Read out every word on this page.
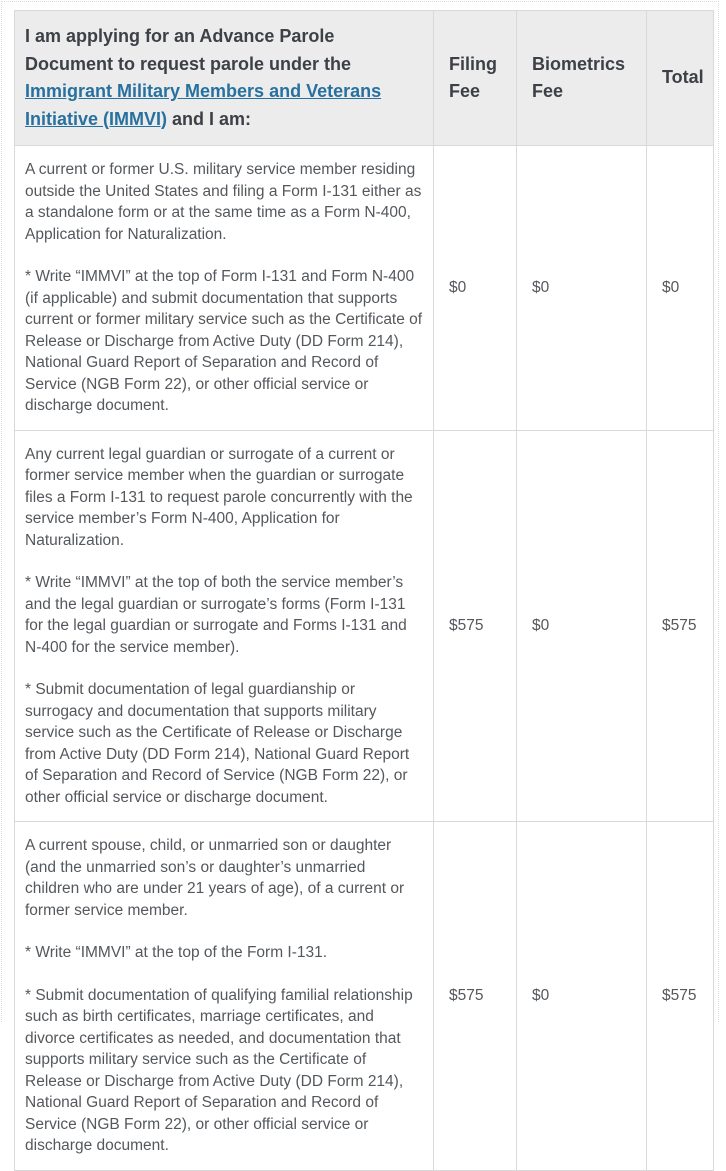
I am applying for an Advance Parole Document to request parole under the Immigrant Military Members and Veterans Initiative (IMMVI) and I am:	Filing Fee	Biometrics Fee	Total

A current or former U.S. military service member residing outside the United States and filing a Form I-131 either as a standalone form or at the same time as a Form N-400, Application for Naturalization.

* Write “IMMVI” at the top of Form I-131 and Form N-400 (if applicable) and submit documentation that supports current or former military service such as the Certificate of Release or Discharge from Active Duty (DD Form 214), National Guard Report of Separation and Record of Service (NGB Form 22), or other official service or discharge document.	$0	$0	$0

Any current legal guardian or surrogate of a current or former service member when the guardian or surrogate files a Form I-131 to request parole concurrently with the service member’s Form N-400, Application for Naturalization.

* Write “IMMVI” at the top of both the service member’s and the legal guardian or surrogate’s forms (Form I-131 for the legal guardian or surrogate and Forms I-131 and N-400 for the service member).

* Submit documentation of legal guardianship or surrogacy and documentation that supports military service such as the Certificate of Release or Discharge from Active Duty (DD Form 214), National Guard Report of Separation and Record of Service (NGB Form 22), or other official service or discharge document.	$575	$0	$575

A current spouse, child, or unmarried son or daughter (and the unmarried son’s or daughter’s unmarried children who are under 21 years of age), of a current or former service member.

* Write “IMMVI” at the top of the Form I-131.

* Submit documentation of qualifying familial relationship such as birth certificates, marriage certificates, and divorce certificates as needed, and documentation that supports military service such as the Certificate of Release or Discharge from Active Duty (DD Form 214), National Guard Report of Separation and Record of Service (NGB Form 22), or other official service or discharge document.	$575	$0	$575
